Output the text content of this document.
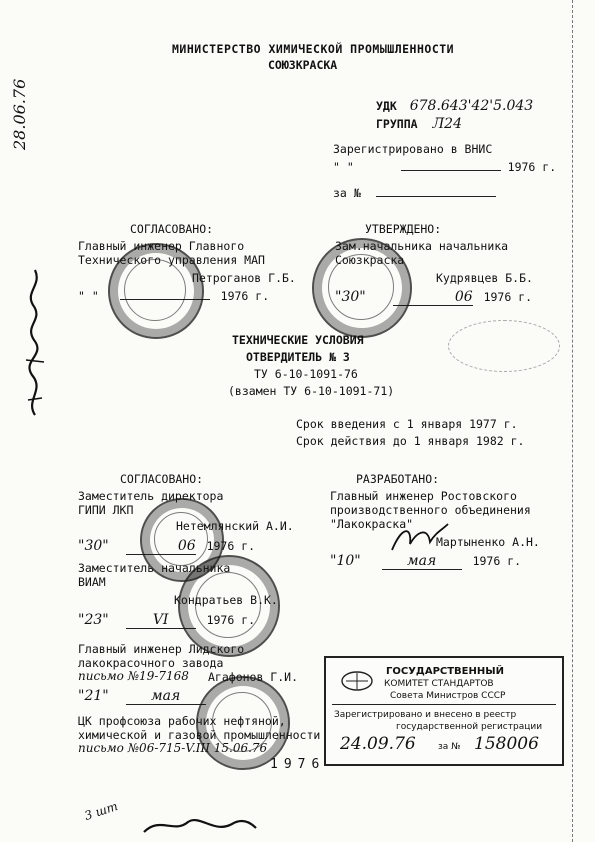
МИНИСТЕРСТВО ХИМИЧЕСКОЙ ПРОМЫШЛЕННОСТИ
СОЮЗКРАСКА
УДК 678.643'42'5.043
ГРУППА Л24
Зарегистрировано в ВНИС
" "	1976 г.
за №
28.06.76
СОГЛАСОВАНО:
Главный инженер Главного
Технического управления МАП
Петроганов Г.Б.
" "	1976 г.
УТВЕРЖДЕНО:
Зам.начальника начальника
Союзкраска
Кудрявцев Б.Б.
"30"	06 1976 г.
ТЕХНИЧЕСКИЕ УСЛОВИЯ
ОТВЕРДИТЕЛЬ № 3
ТУ 6-10-1091-76
(взамен ТУ 6-10-1091-71)
Срок введения с 1 января 1977 г.
Срок действия до 1 января 1982 г.
СОГЛАСОВАНО:
Заместитель директора
ГИПИ ЛКП
Нетемлянский А.И.
"30"	06 1976 г.
Заместитель начальника
ВИАМ
Кондратьев В.К.
"23"	VI	1976 г.
Главный инженер Лидского
лакокрасочного завода
письмо №19-7168 Агафонов Г.И.
"21"	мая
ЦК профсоюза рабочих нефтяной,
химической и газовой промышленности
письмо №06-715-V.III 15.06.76
1976
РАЗРАБОТАНО:
Главный инженер Ростовского
производственного объединения
"Лакокраска"
Мартыненко А.Н.
"10"	мая	1976 г.
ГОСУДАРСТВЕННЫЙ
КОМИТЕТ СТАНДАРТОВ
Совета Министров СССР
Зарегистрировано и внесено в реестр
государственной регистрации
24.09.76 за № 158006
3 шт
